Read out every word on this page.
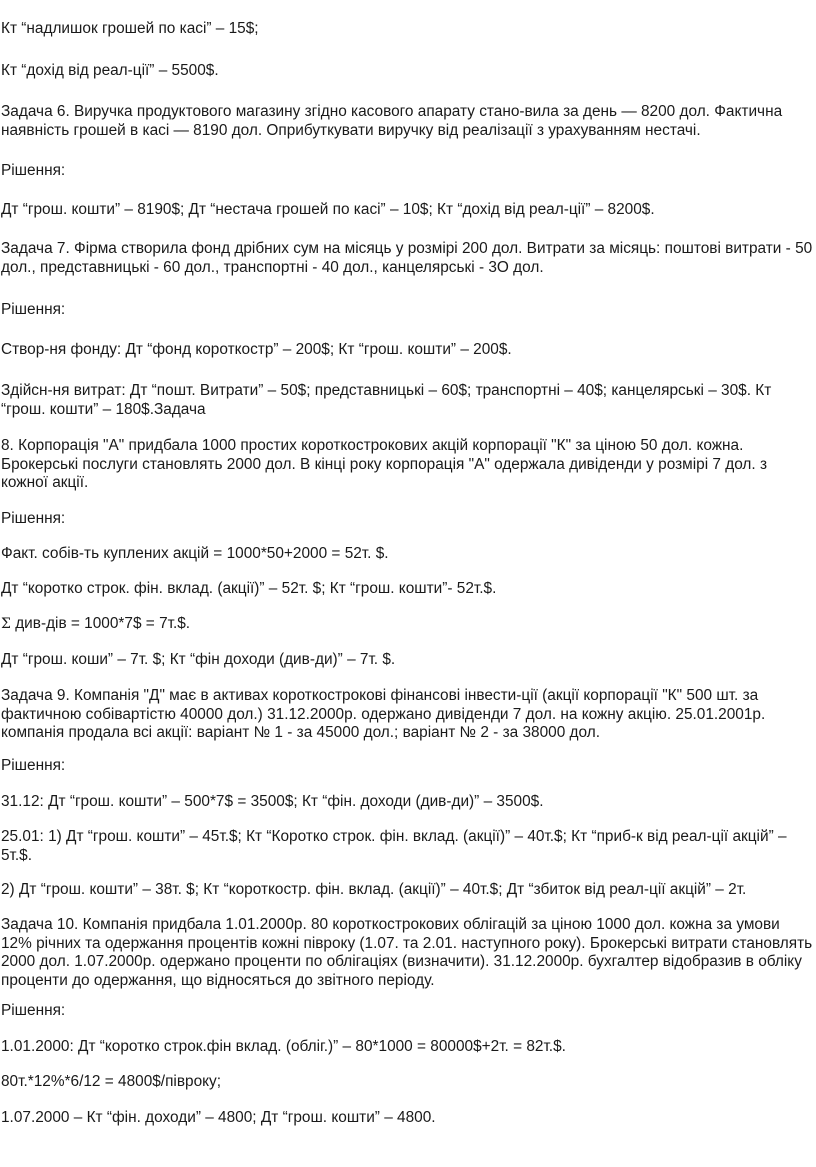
Кт “надлишок грошей по касі” – 15$;

Кт “дохід від реал-ції” – 5500$.

Задача 6. Виручка продуктового магазину згідно касового апарату стано-вила за день — 8200 дол. Фактична наявність грошей в касі — 8190 дол. Оприбуткувати виручку від реалізації з урахуванням нестачі.

Рішення:

Дт “грош. кошти” – 8190$; Дт “нестача грошей по касі” – 10$; Кт “дохід від реал-ції” – 8200$.

Задача 7. Фірма створила фонд дрібних сум на місяць у розмірі 200 дол. Витрати за місяць: поштові витрати - 50 дол., представницькі - 60 дол., транспортні - 40 дол., канцелярські - 3О дол.

Рішення:

Створ-ня фонду: Дт “фонд короткостр” – 200$; Кт “грош. кошти” – 200$.

Здійсн-ня витрат: Дт “пошт. Витрати” – 50$; представницькі – 60$; транспортні – 40$; канцелярські – 30$. Кт “грош. кошти” – 180$.Задача

8. Корпорація "А" придбала 1000 простих короткострокових акцій корпорації "К" за ціною 50 дол. кожна. Брокерські послуги становлять 2000 дол. В кінці року корпорація "А" одержала дивіденди у розмірі 7 дол. з кожної акції.

Рішення:

Факт. собів-ть куплених акцій = 1000*50+2000 = 52т. $.

Дт “коротко строк. фін. вклад. (акції)” – 52т. $; Кт “грош. кошти”- 52т.$.

Σ див-дів = 1000*7$ = 7т.$.

Дт “грош. коши” – 7т. $; Кт “фін доходи (див-ди)” – 7т. $.

Задача 9. Компанія "Д" має в активах короткострокові фінансові інвести-ції (акції корпорації "К" 500 шт. за фактичною собівартістю 40000 дол.) 31.12.2000р. одержано дивіденди 7 дол. на кожну акцію. 25.01.2001р. компанія продала всі акції: варіант № 1 - за 45000 дол.; варіант № 2 - за 38000 дол.

Рішення:

31.12: Дт “грош. кошти” – 500*7$ = 3500$; Кт “фін. доходи (див-ди)” – 3500$.

25.01: 1) Дт “грош. кошти” – 45т.$; Кт “Коротко строк. фін. вклад. (акції)” – 40т.$; Кт “приб-к від реал-ції акцій” – 5т.$.

2) Дт “грош. кошти” – 38т. $; Кт “короткостр. фін. вклад. (акції)” – 40т.$; Дт “збиток від реал-ції акцій” – 2т.

Задача 10. Компанія придбала 1.01.2000р. 80 короткострокових облігацій за ціною 1000 дол. кожна за умови 12% річних та одержання процентів кожні півроку (1.07. та 2.01. наступного року). Брокерські витрати становлять 2000 дол. 1.07.2000р. одержано проценти по облігаціях (визначити). 31.12.2000р. бухгалтер відобразив в обліку проценти до одержання, що відносяться до звітного періоду.

Рішення:

1.01.2000: Дт “коротко строк.фін вклад. (обліг.)” – 80*1000 = 80000$+2т. = 82т.$.

80т.*12%*6/12 = 4800$/півроку;

1.07.2000 – Кт “фін. доходи” – 4800; Дт “грош. кошти” – 4800.
